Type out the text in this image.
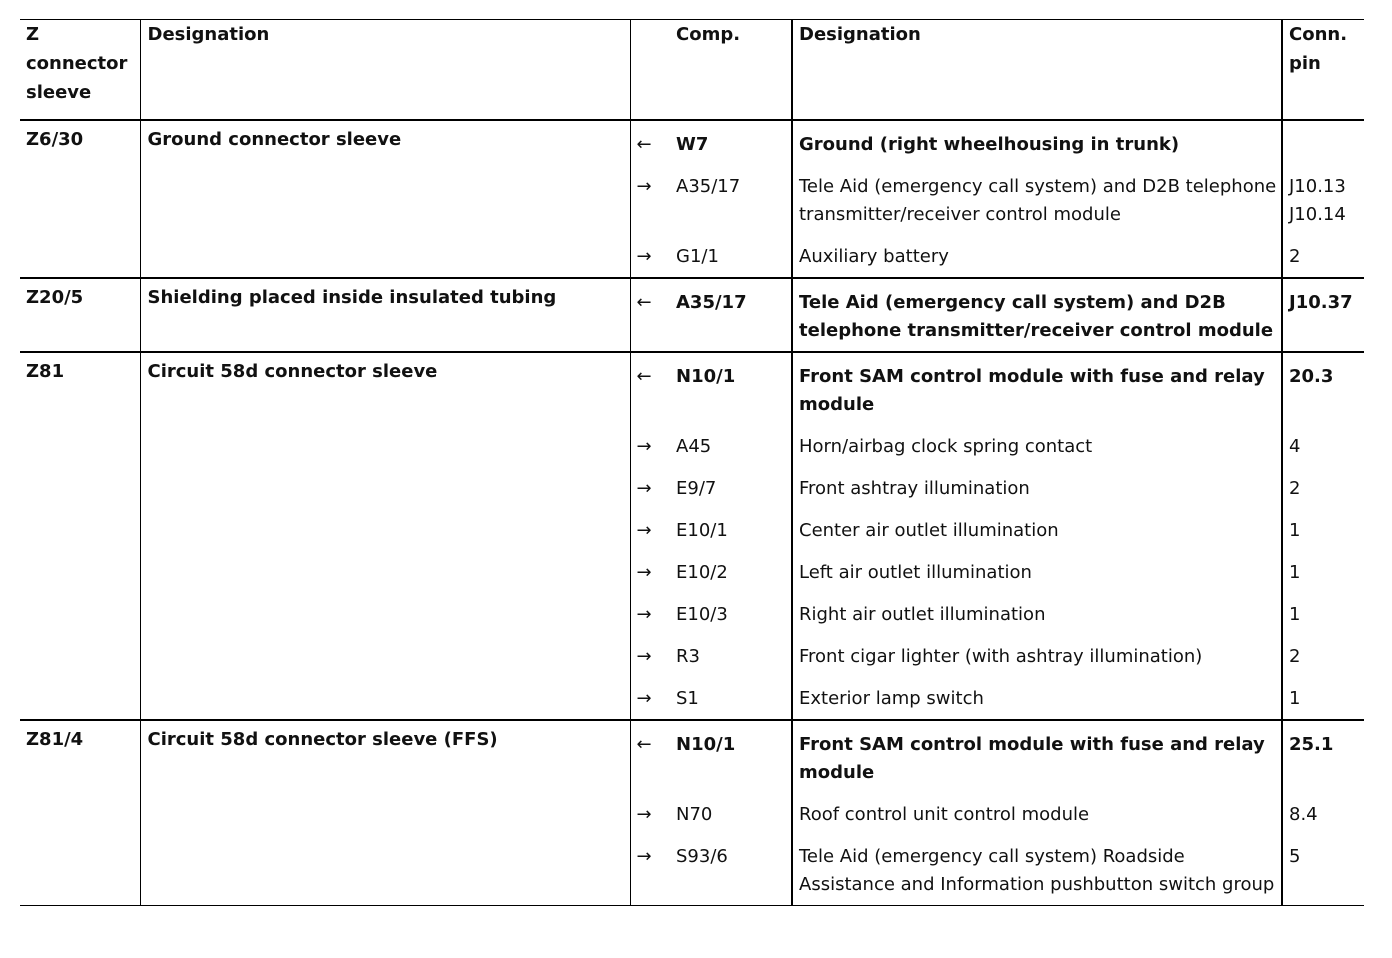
Z
connector
sleeve	Designation		Comp.	Designation	Conn.
pin
Z6/30	Ground connector sleeve	←	W7	Ground (right wheelhousing in trunk)	
		→	A35/17	Tele Aid (emergency call system) and D2B telephone transmitter/receiver control module	J10.13
J10.14
		→	G1/1	Auxiliary battery	2
Z20/5	Shielding placed inside insulated tubing	←	A35/17	Tele Aid (emergency call system) and D2B telephone transmitter/receiver control module	J10.37
Z81	Circuit 58d connector sleeve	←	N10/1	Front SAM control module with fuse and relay module	20.3
		→	A45	Horn/airbag clock spring contact	4
		→	E9/7	Front ashtray illumination	2
		→	E10/1	Center air outlet illumination	1
		→	E10/2	Left air outlet illumination	1
		→	E10/3	Right air outlet illumination	1
		→	R3	Front cigar lighter (with ashtray illumination)	2
		→	S1	Exterior lamp switch	1
Z81/4	Circuit 58d connector sleeve (FFS)	←	N10/1	Front SAM control module with fuse and relay module	25.1
		→	N70	Roof control unit control module	8.4
		→	S93/6	Tele Aid (emergency call system) Roadside Assistance and Information pushbutton switch group	5
